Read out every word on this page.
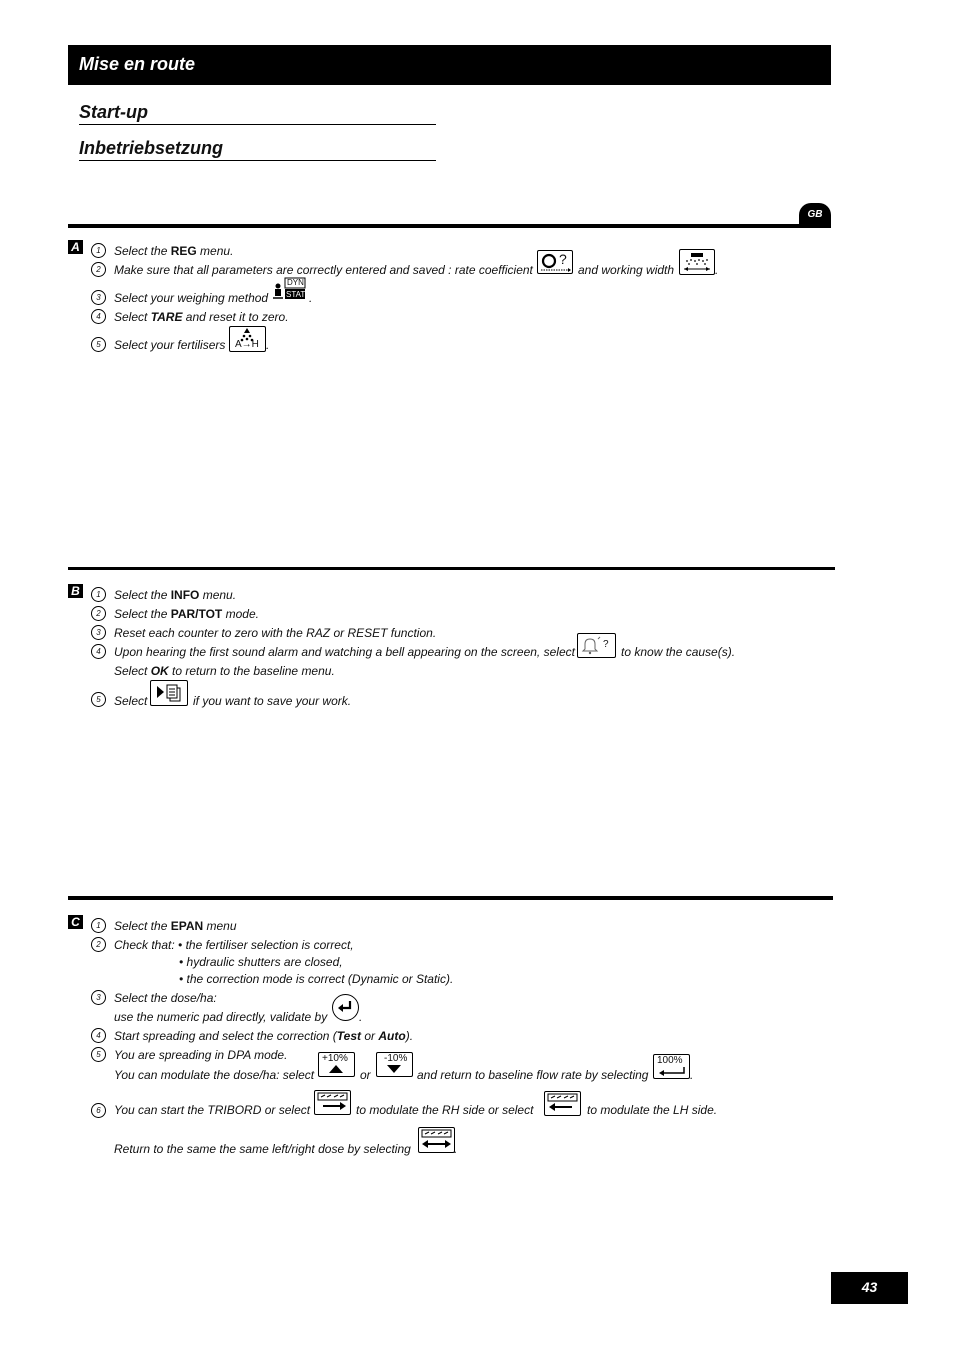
Mise en route
Start-up
Inbetriebsetzung
GB
A	1	Select the REG menu.
2	Make sure that all parameters are correctly entered and saved : rate coefficient
?
and working width	.
3	Select your weighing method
DYN
STAT .
4	Select TARE and reset it to zero.
5	Select your fertilisers A→H .
B	1	Select the INFO menu.
2	Select the PAR/TOT mode.
3	Reset each counter to zero with the RAZ or RESET function.
4	Upon hearing the first sound alarm and watching a bell appearing on the screen, select
?
to know the cause(s).
Select OK to return to the baseline menu.
5	Select	if you want to save your work.
C	1	Select the EPAN menu
2	Check that: • the fertiliser selection is correct,
• hydraulic shutters are closed,
• the correction mode is correct (Dynamic or Static).
3	Select the dose/ha:
use the numeric pad directly, validate by	.
4	Start spreading and select the correction (Test or Auto).
5	You are spreading in DPA mode.
You can modulate the dose/ha: select
+10%
or
-10%
and return to baseline flow rate by selecting
100%
.
6	You can start the TRIBORD or select	to modulate the RH side or select	to modulate the LH side.
Return to the same the same left/right dose by selecting	.
43
